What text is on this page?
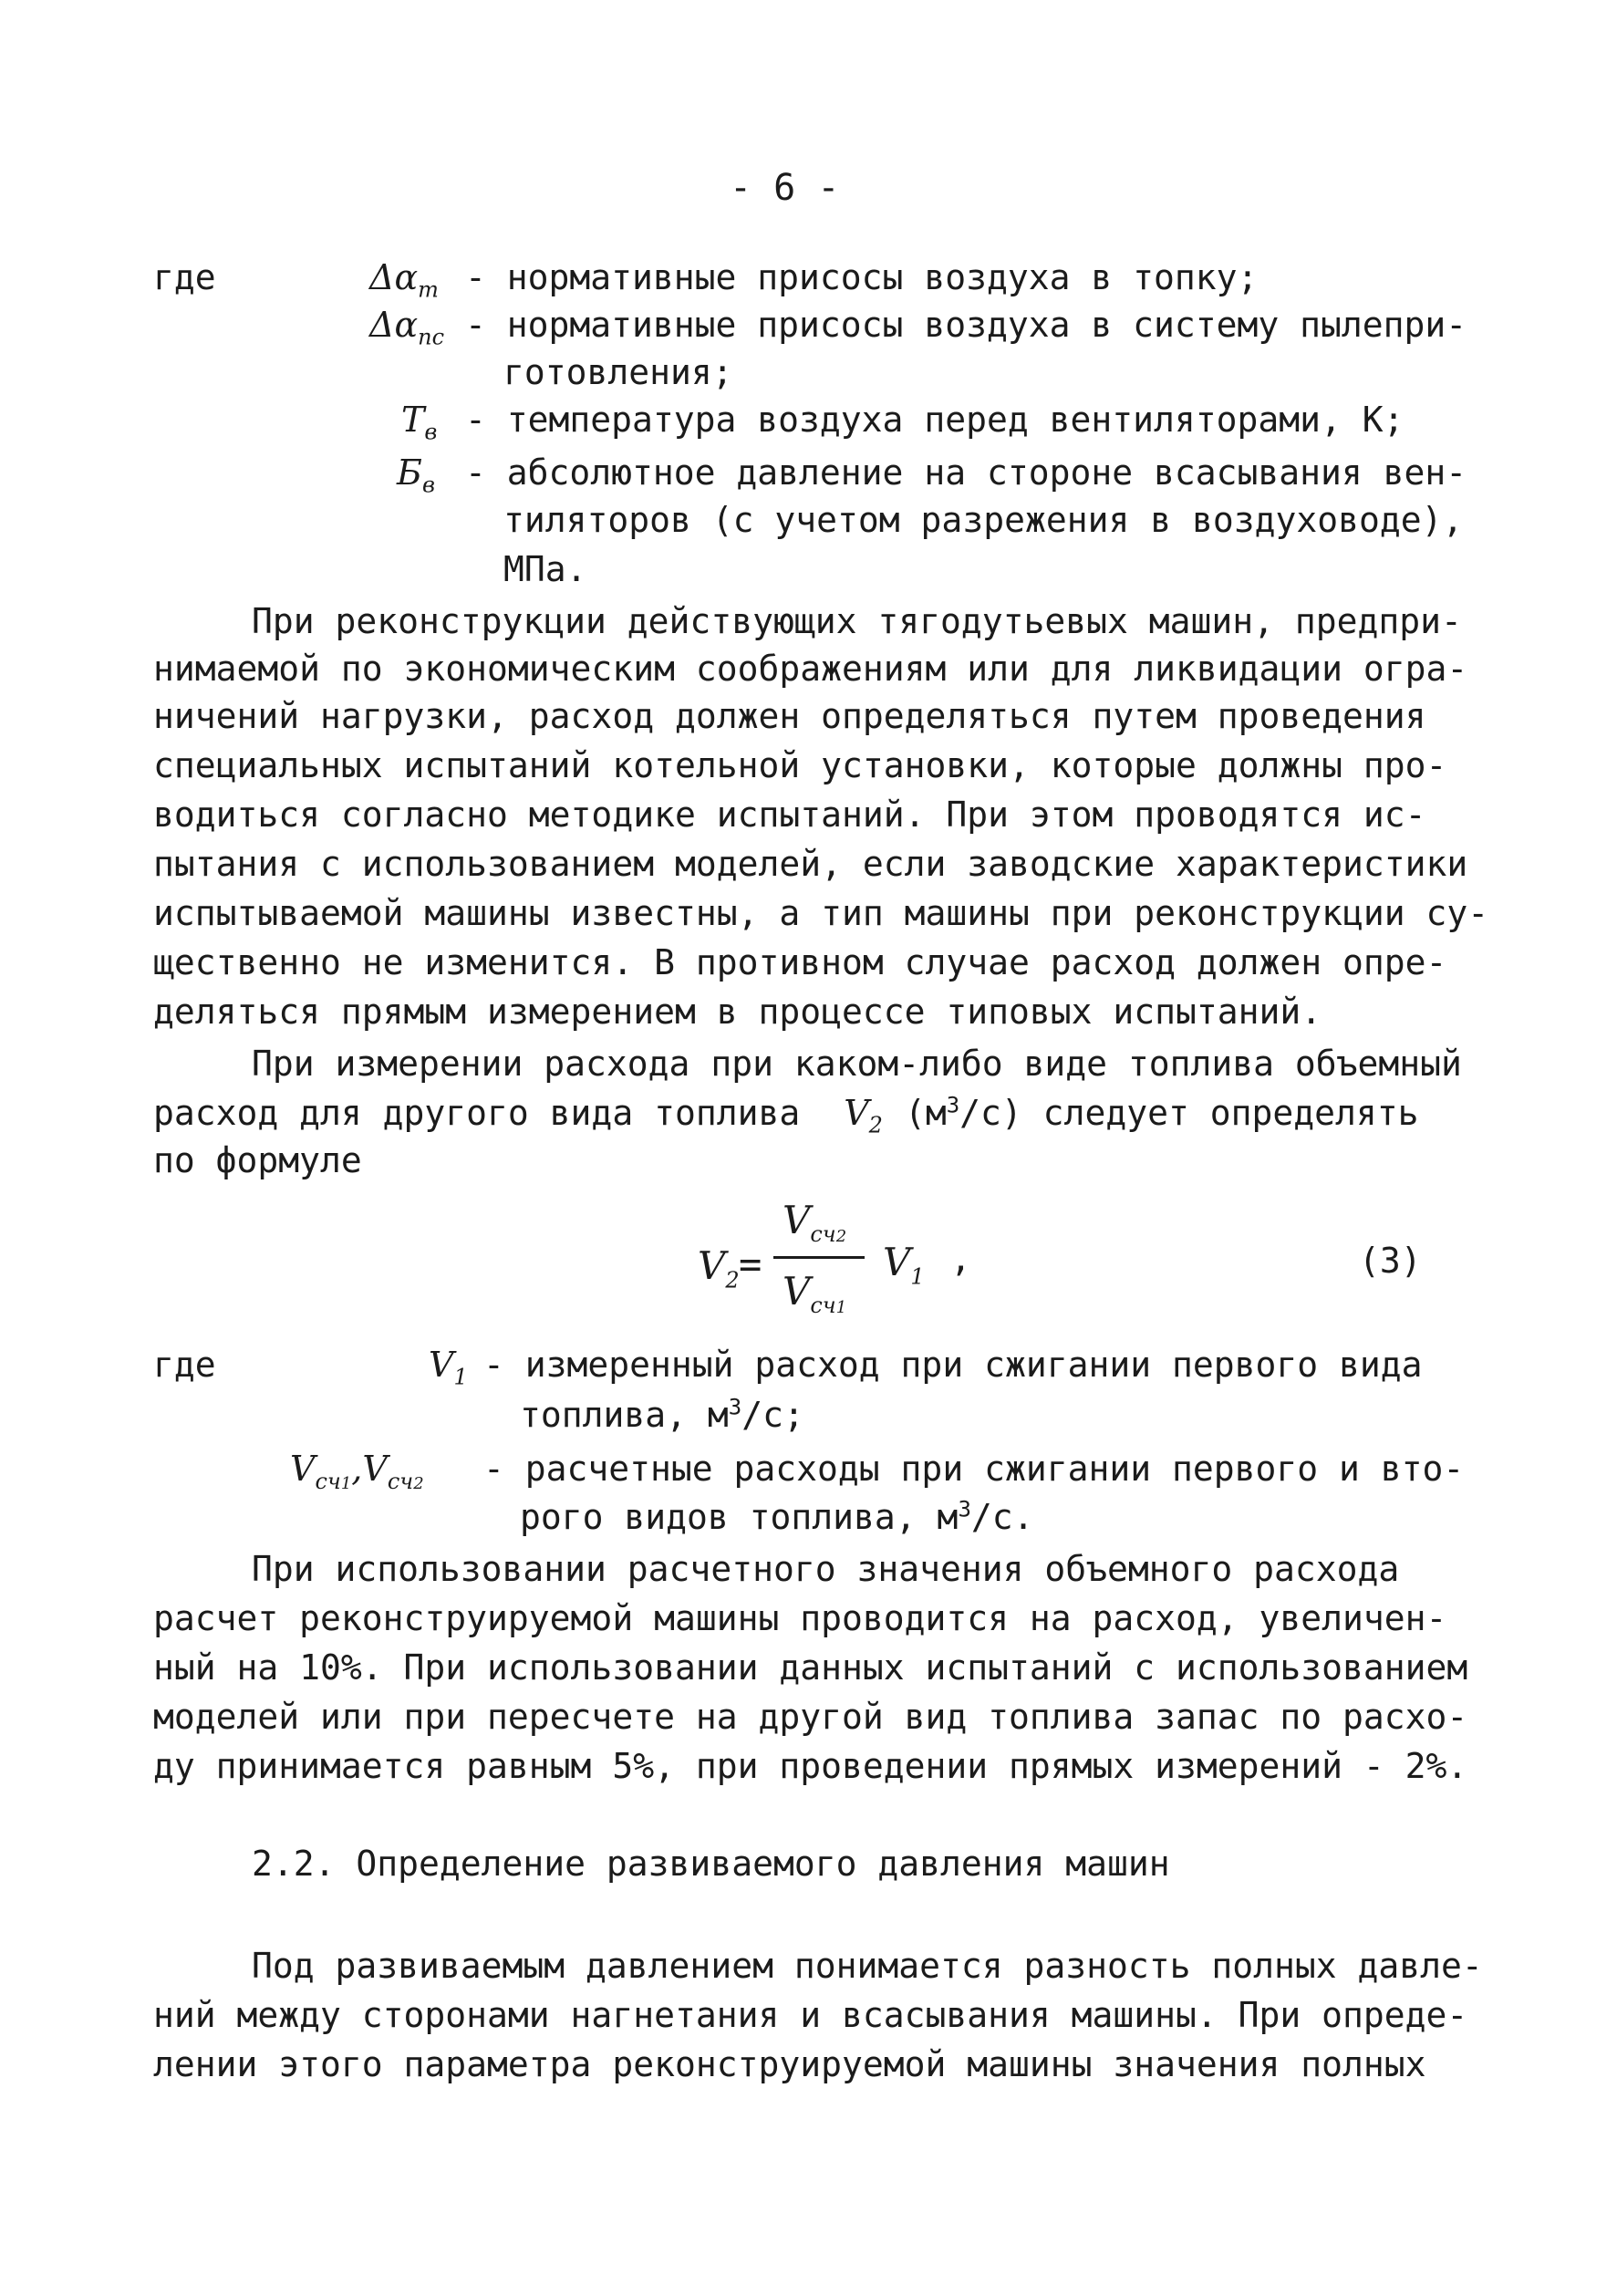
- 6 -
где	$\Delta\alpha_т$ - нормативные присосы воздуха в топку;
$\Delta\alpha_{пс}$ - нормативные присосы воздуха в систему пылепри-
готовления;
$Т_в$ - температура воздуха перед вентиляторами, К;
$Б_в$ - абсолютное давление на стороне всасывания вен-
тиляторов (с учетом разрежения в воздуховоде),
МПа.
При реконструкции действующих тягодутьевых машин, предпри-
нимаемой по экономическим соображениям или для ликвидации огра-
ничений нагрузки, расход должен определяться путем проведения
специальных испытаний котельной установки, которые должны про-
водиться согласно методике испытаний. При этом проводятся ис-
пытания с использованием моделей, если заводские характеристики
испытываемой машины известны, а тип машины при реконструкции су-
щественно не изменится. В противном случае расход должен опре-
деляться прямым измерением в процессе типовых испытаний.
При измерении расхода при каком-либо виде топлива объемный
расход для другого вида топлива $V_2$ $(м^3/с)$ следует определять
по формуле
$V_2$ =
$V_{сч2}$
$V_{сч1}$
$V_1$ ,	(3)
где	$V_1$ - измеренный расход при сжигании первого вида
топлива, $м^3/с$;
$V_{сч1},V_{сч2}$ - расчетные расходы при сжигании первого и вто-
рого видов топлива, $м^3/с$.
При использовании расчетного значения объемного расхода
расчет реконструируемой машины проводится на расход, увеличен-
ный на 10%. При использовании данных испытаний с использованием
моделей или при пересчете на другой вид топлива запас по расхо-
ду принимается равным 5%, при проведении прямых измерений - 2%.
2.2. Определение развиваемого давления машин
Под развиваемым давлением понимается разность полных давле-
ний между сторонами нагнетания и всасывания машины. При опреде-
лении этого параметра реконструируемой машины значения полных
